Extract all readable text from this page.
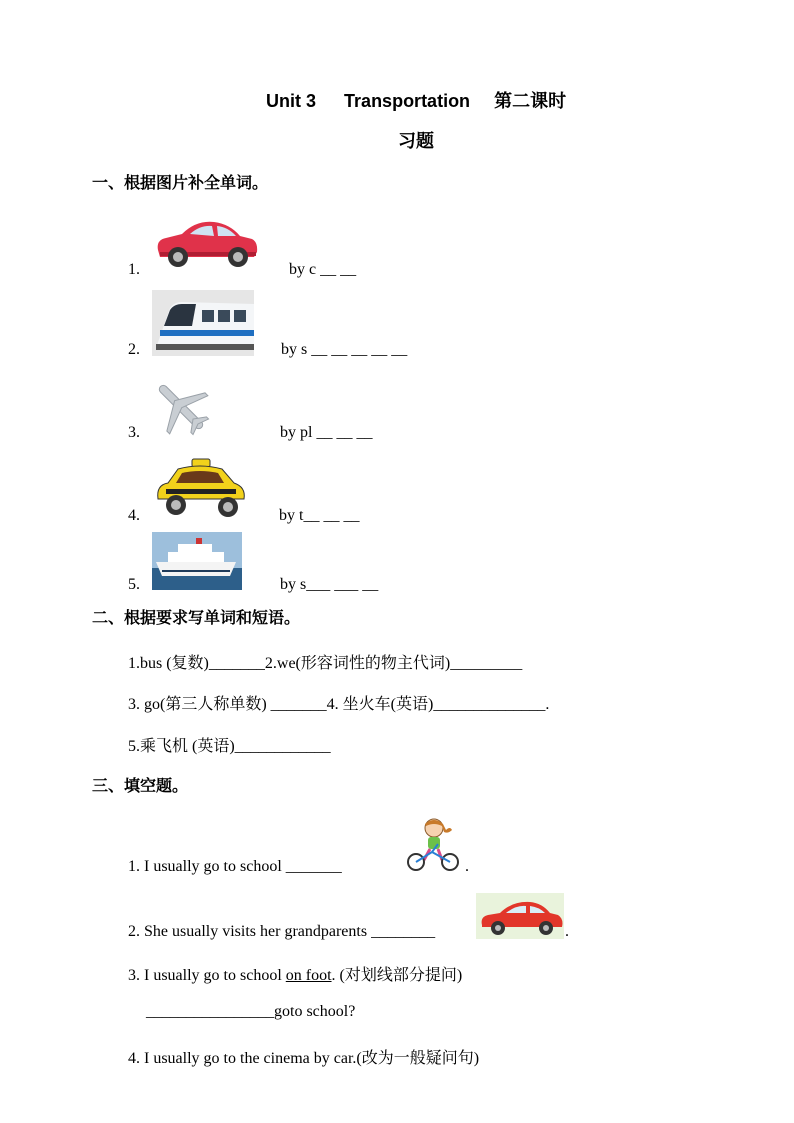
Unit 3 Transportation 第二课时
习题
一、根据图片补全单词。
1.	by c __ __
2.	by s __ __ __ __ __
3.	by pl __ __ __
4.	by t__ __ __
5.	by s___ ___ __
二、根据要求写单词和短语。
1.bus (复数)_______2.we(形容词性的物主代词)_________
3. go(第三人称单数) _______4. 坐火车(英语)______________.
5.乘飞机 (英语)____________
三、填空题。
1. I usually go to school _______	.
2. She usually visits her grandparents ________	.
3. I usually go to school on foot. (对划线部分提问)
________________goto school?
4. I usually go to the cinema by car.(改为一般疑问句)
